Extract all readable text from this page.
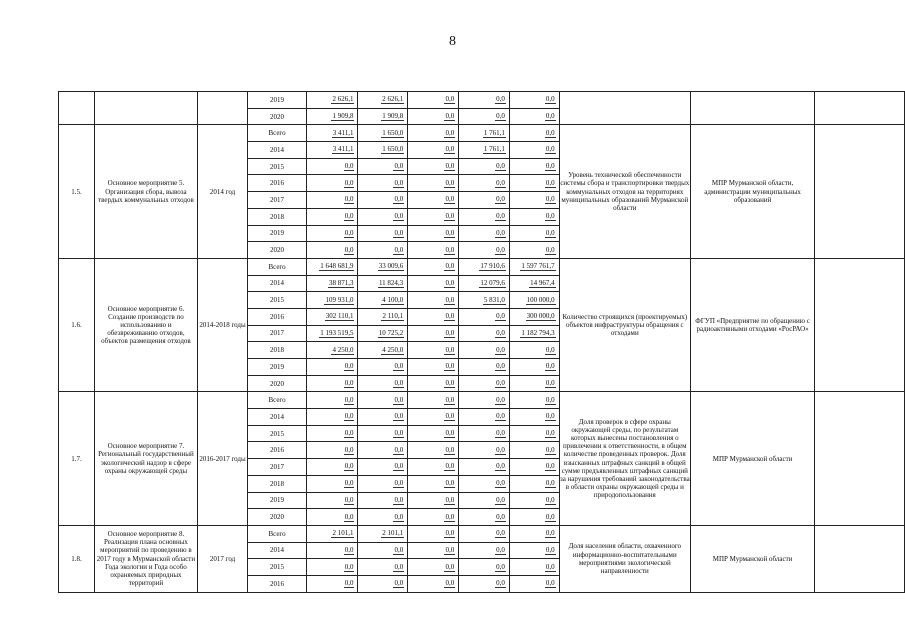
8
			2019	2 626,1	2 626,1	0,0	0,0	0,0			
			2020	1 909,8	1 909,8	0,0	0,0	0,0			
1.5.	Основное мероприятие 5. Организация сбора, вывоза твердых коммунальных отходов	2014 год	Всего	3 411,1	1 650,0	0,0	1 761,1	0,0	Уровень технической обеспеченности системы сбора и транспортировки твердых коммунальных отходов на территориях муниципальных образований Мурманской области	МПР Мурманской области, администрации муниципальных образований	
			2014	3 411,1	1 650,0	0,0	1 761,1	0,0			
			2015	0,0	0,0	0,0	0,0	0,0			
			2016	0,0	0,0	0,0	0,0	0,0			
			2017	0,0	0,0	0,0	0,0	0,0			
			2018	0,0	0,0	0,0	0,0	0,0			
			2019	0,0	0,0	0,0	0,0	0,0			
			2020	0,0	0,0	0,0	0,0	0,0			
1.6.	Основное мероприятие 6. Создание производств по использованию и обезвреживанию отходов, объектов размещения отходов	2014-2018 годы	Всего	1 648 681,9	33 009,6	0,0	17 910,6	1 597 761,7	Количество строящихся (проектируемых) объектов инфраструктуры обращения с отходами	ФГУП «Предприятие по обращению с радиоактивными отходами «РосРАО»	
			2014	38 871,3	11 824,3	0,0	12 079,6	14 967,4			
			2015	109 931,0	4 100,0	0,0	5 831,0	100 000,0			
			2016	302 110,1	2 110,1	0,0	0,0	300 000,0			
			2017	1 193 519,5	10 725,2	0,0	0,0	1 182 794,3			
			2018	4 250,0	4 250,0	0,0	0,0	0,0			
			2019	0,0	0,0	0,0	0,0	0,0			
			2020	0,0	0,0	0,0	0,0	0,0			
1.7.	Основное мероприятие 7. Региональный государственный экологический надзор в сфере охраны окружающей среды	2016-2017 годы	Всего	0,0	0,0	0,0	0,0	0,0	Доля проверок в сфере охраны окружающей среды, по результатам которых вынесены постановления о привлечении к ответственности, в общем количестве проведенных проверок. Доля взысканных штрафных санкций в общей сумме предъявленных штрафных санкций за нарушения требований законодательства в области охраны окружающей среды и природопользования	МПР Мурманской области	
			2014	0,0	0,0	0,0	0,0	0,0			
			2015	0,0	0,0	0,0	0,0	0,0			
			2016	0,0	0,0	0,0	0,0	0,0			
			2017	0,0	0,0	0,0	0,0	0,0			
			2018	0,0	0,0	0,0	0,0	0,0			
			2019	0,0	0,0	0,0	0,0	0,0			
			2020	0,0	0,0	0,0	0,0	0,0			
1.8.	Основное мероприятие 8. Реализация плана основных мероприятий по проведению в 2017 году в Мурманской области Года экологии и Года особо охраняемых природных территорий	2017 год	Всего	2 101,1	2 101,1	0,0	0,0	0,0	Доля населения области, охваченного информационно-воспитательными мероприятиями экологической направленности	МПР Мурманской области	
			2014	0,0	0,0	0,0	0,0	0,0			
			2015	0,0	0,0	0,0	0,0	0,0			
			2016	0,0	0,0	0,0	0,0	0,0			
